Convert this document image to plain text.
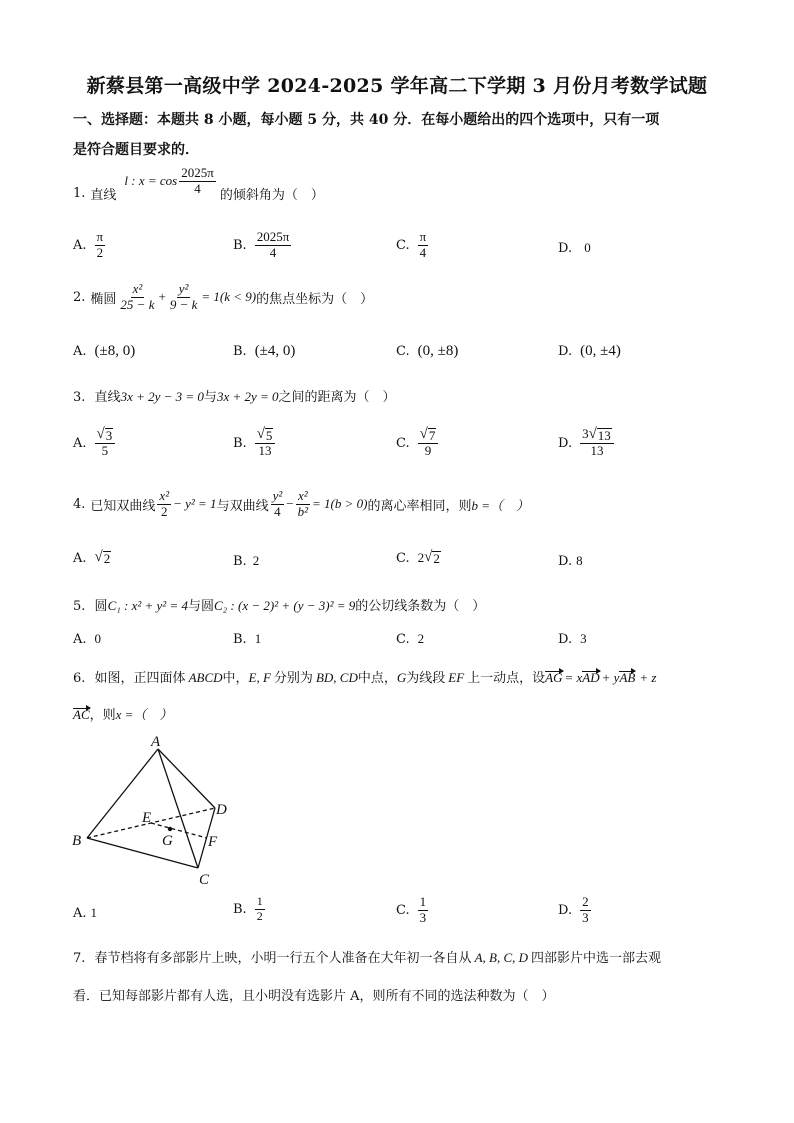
新蔡县第一高级中学 2024-2025 学年高二下学期 3 月份月考数学试题
一、选择题：本题共 8 小题，每小题 5 分，共 40 分．在每小题给出的四个选项中，只有一项
是符合题目要求的．
1. 直线
l : $x = \cos \frac{2025\pi}{4}$ 的倾斜角为（　）
A. $\frac{\pi}{2}$	B. $\frac{2025\pi}{4}$	C. $\frac{\pi}{4}$	D. 0
2. 椭圆 $\frac{\text{x²}}{25 - k} + \frac{\text{y²}}{9 - k} = 1(k < 9)$ 的焦点坐标为（　）
A. (±8, 0)	B. (±4, 0)	C. (0, ±8)	D. (0, ±4)
3. 直线3x + 2y − 3 = 0与3x + 2y = 0之间的距离为（　）
A. $\frac{√ 3}{5}$	B. $\frac{√ 5}{13}$	C. $\frac{√ 7}{9}$	D. $\frac{3 √ 13}{13}$
4. 已知双曲线 $\frac{\text{x²}}{2} - y^2 = 1$ 与双曲线 $\frac{\text{y²}}{4} - \frac{\text{x²}}{\text{b²}} = 1(b > 0)$ 的离心率相同，则 b =（　）
A. √ 2	B. 2	C. 2 √ 2	D. 8
5. 圆C₁ : x² + y² = 4与圆C₂ : (x − 2)² + (y − 3)² = 9的公切线条数为（　）
A. 0	B. 1	C. 2	D. 3
6. 如图，正四面体 ABCD中，E, F 分别为 BD, CD中点，G为线段 EF 上一动点，设AG = xAD + yAB + z
AC，则x =（　）
A
B
C
D
E
F
G
A. 1	B. $\frac{1}{2}$	C. $\frac{1}{3}$	D. $\frac{2}{3}$
7. 春节档将有多部影片上映，小明一行五个人准备在大年初一各自从 A, B, C, D 四部影片中选一部去观
看．已知每部影片都有人选，且小明没有选影片 A，则所有不同的选法种数为（　）
